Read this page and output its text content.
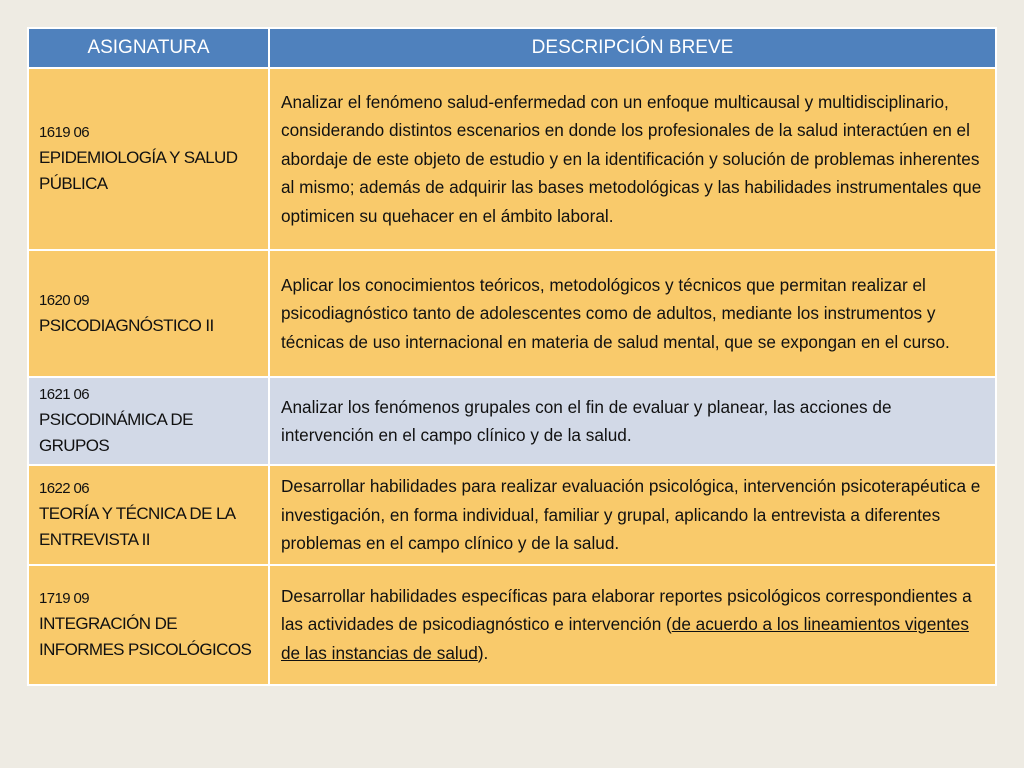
ASIGNATURA	DESCRIPCIÓN BREVE

1619 06
EPIDEMIOLOGÍA Y SALUD PÚBLICA	Analizar el fenómeno salud-enfermedad con un enfoque multicausal y multidisciplinario, considerando distintos escenarios en donde los profesionales de la salud interactúen en el abordaje de este objeto de estudio y en la identificación y solución de problemas inherentes al mismo; además de adquirir las bases metodológicas y las habilidades instrumentales que optimicen su quehacer en el ámbito laboral.

1620 09
PSICODIAGNÓSTICO II	Aplicar los conocimientos teóricos, metodológicos y técnicos que permitan realizar el psicodiagnóstico tanto de adolescentes como de adultos, mediante los instrumentos y técnicas de uso internacional en materia de salud mental, que se expongan en el curso.

1621 06
PSICODINÁMICA DE GRUPOS	Analizar los fenómenos grupales con el fin de evaluar y planear, las acciones de intervención en el campo clínico y de la salud.

1622 06
TEORÍA Y TÉCNICA DE LA ENTREVISTA II	Desarrollar habilidades para realizar evaluación psicológica, intervención psicoterapéutica e investigación, en forma individual, familiar y grupal, aplicando la entrevista a diferentes problemas en el campo clínico y de la salud.

1719 09
INTEGRACIÓN DE INFORMES PSICOLÓGICOS	Desarrollar habilidades específicas para elaborar reportes psicológicos correspondientes a las actividades de psicodiagnóstico e intervención (de acuerdo a los lineamientos vigentes de las instancias de salud).
